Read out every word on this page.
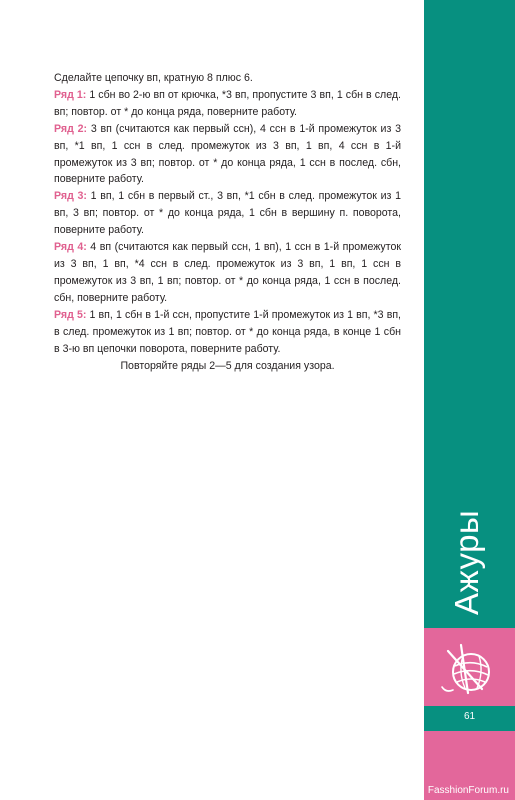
Сделайте цепочку вп, кратную 8 плюс 6.

Ряд 1: 1 сбн во 2-ю вп от крючка, *3 вп, пропустите 3 вп, 1 сбн в след. вп; повтор. от * до конца ряда, поверните работу.

Ряд 2: 3 вп (считаются как первый ссн), 4 ссн в 1-й промежуток из 3 вп, *1 вп, 1 ссн в след. промежуток из 3 вп, 1 вп, 4 ссн в 1-й промежуток из 3 вп; повтор. от * до конца ряда, 1 ссн в послед. сбн, поверните работу.

Ряд 3: 1 вп, 1 сбн в первый ст., 3 вп, *1 сбн в след. промежуток из 1 вп, 3 вп; повтор. от * до конца ряда, 1 сбн в вершину п. поворота, поверните работу.

Ряд 4: 4 вп (считаются как первый ссн, 1 вп), 1 ссн в 1-й промежуток из 3 вп, 1 вп, *4 ссн в след. промежуток из 3 вп, 1 вп, 1 ссн в промежуток из 3 вп, 1 вп; повтор. от * до конца ряда, 1 ссн в послед. сбн, поверните работу.

Ряд 5: 1 вп, 1 сбн в 1-й ссн, пропустите 1-й промежуток из 1 вп, *3 вп, в след. промежуток из 1 вп; повтор. от * до конца ряда, в конце 1 сбн в 3-ю вп цепочки поворота, поверните работу.

Повторяйте ряды 2—5 для создания узора.
Ажуры
61
FasshionForum.ru
